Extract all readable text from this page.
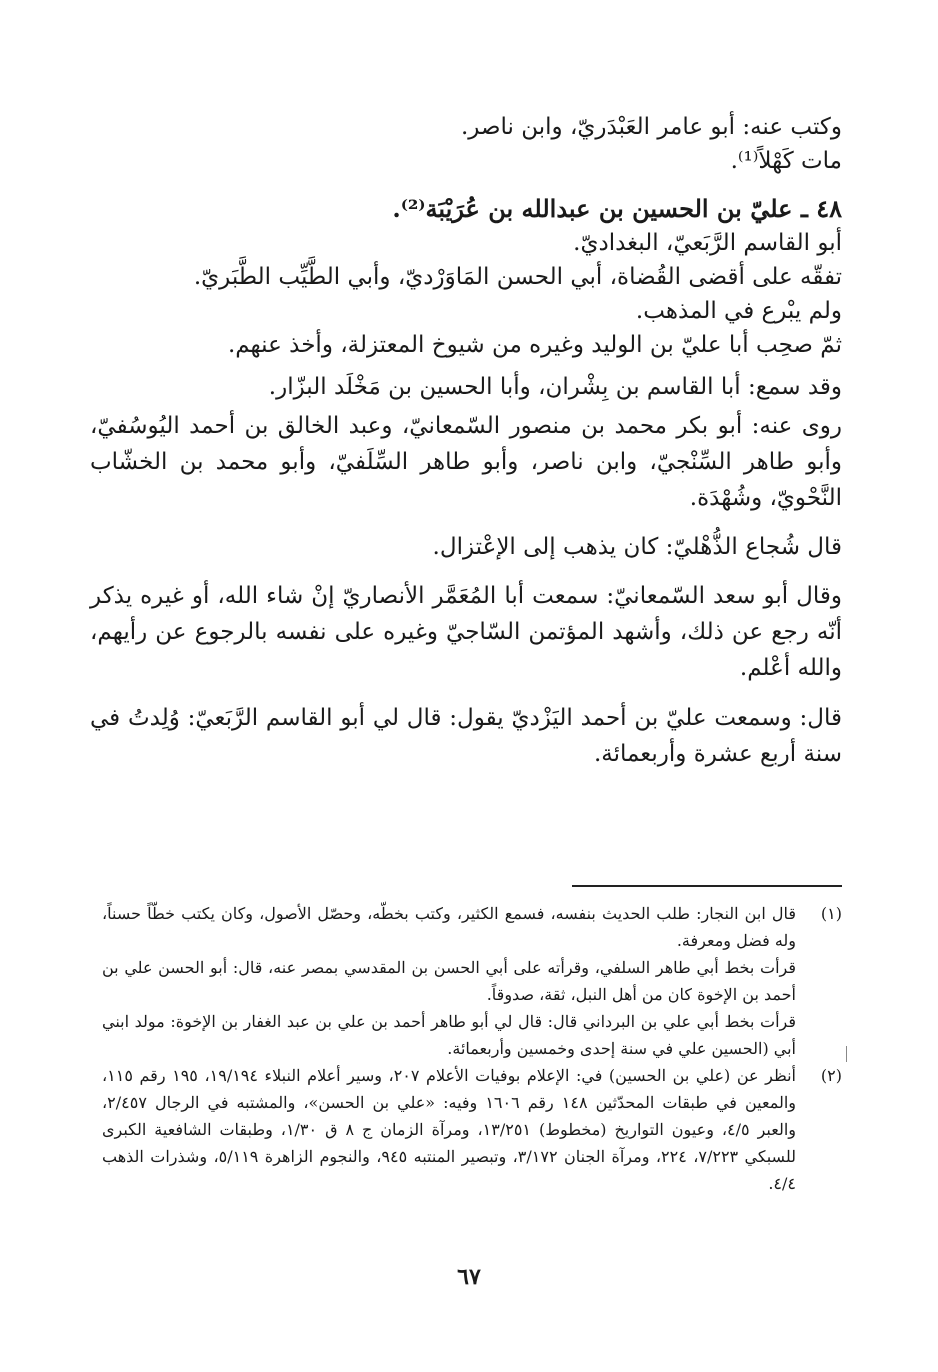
وكتب عنه: أبو عامر العَبْدَريّ، وابن ناصر.

مات كَهْلاً⁽¹⁾.

٤٨ ـ عليّ بن الحسين بن عبدالله بن عُرَيْبَة⁽²⁾.

أبو القاسم الرَّبَعيّ، البغداديّ.

تفقّه على أقضى القُضاة، أبي الحسن المَاوَرْديّ، وأبي الطَّيِّب الطَّبَريّ.

ولم يبْرع في المذهب.

ثمّ صحِب أبا عليّ بن الوليد وغيره من شيوخ المعتزلة، وأخذ عنهم.

وقد سمع: أبا القاسم بن بِشْران، وأبا الحسين بن مَخْلَد البزّار.

روى عنه: أبو بكر محمد بن منصور السّمعانيّ، وعبد الخالق بن أحمد اليُوسُفيّ، وأبو طاهر السِّنْجيّ، وابن ناصر، وأبو طاهر السِّلَفيّ، وأبو محمد بن الخشّاب النَّحْويّ، وشُهْدَة.

قال شُجاع الذُّهْليّ: كان يذهب إلى الإعْتزال.

وقال أبو سعد السّمعانيّ: سمعت أبا المُعَمَّر الأنصاريّ إنْ شاء الله، أو غيره يذكر أنّه رجع عن ذلك، وأشهد المؤتمن السّاجيّ وغيره على نفسه بالرجوع عن رأيهم، والله أعْلم.

قال: وسمعت عليّ بن أحمد اليَزْديّ يقول: قال لي أبو القاسم الرَّبَعيّ: وُلِدتُ في سنة أربع عشرة وأربعمائة.

(١)

قال ابن النجار: طلب الحديث بنفسه، فسمع الكثير، وكتب بخطّه، وحصّل الأصول، وكان يكتب خطّاً حسناً، وله فضل ومعرفة.

قرأت بخط أبي طاهر السلفي، وقرأته على أبي الحسن بن المقدسي بمصر عنه، قال: أبو الحسن علي بن أحمد بن الإخوة كان من أهل النبل، ثقة، صدوقاً.

قرأت بخط أبي علي بن البرداني قال: قال لي أبو طاهر أحمد بن علي بن عبد الغفار بن الإخوة: مولد ابني أبي (الحسين علي في سنة إحدى وخمسين وأربعمائة.

(٢)

أنظر عن (علي بن الحسين) في: الإعلام بوفيات الأعلام ٢٠٧، وسير أعلام النبلاء ١٩/١٩٤، ١٩٥ رقم ١١٥، والمعين في طبقات المحدّثين ١٤٨ رقم ١٦٠٦ وفيه: «علي بن الحسن»، والمشتبه في الرجال ٢/٤٥٧، والعبر ٤/٥، وعيون التواريخ (مخطوط) ١٣/٢٥١، ومرآة الزمان ج ٨ ق ١/٣٠، وطبقات الشافعية الكبرى للسبكي ٧/٢٢٣، ٢٢٤، ومرآة الجنان ٣/١٧٢، وتبصير المنتبه ٩٤٥، والنجوم الزاهرة ٥/١١٩، وشذرات الذهب ٤/٤.

٦٧
